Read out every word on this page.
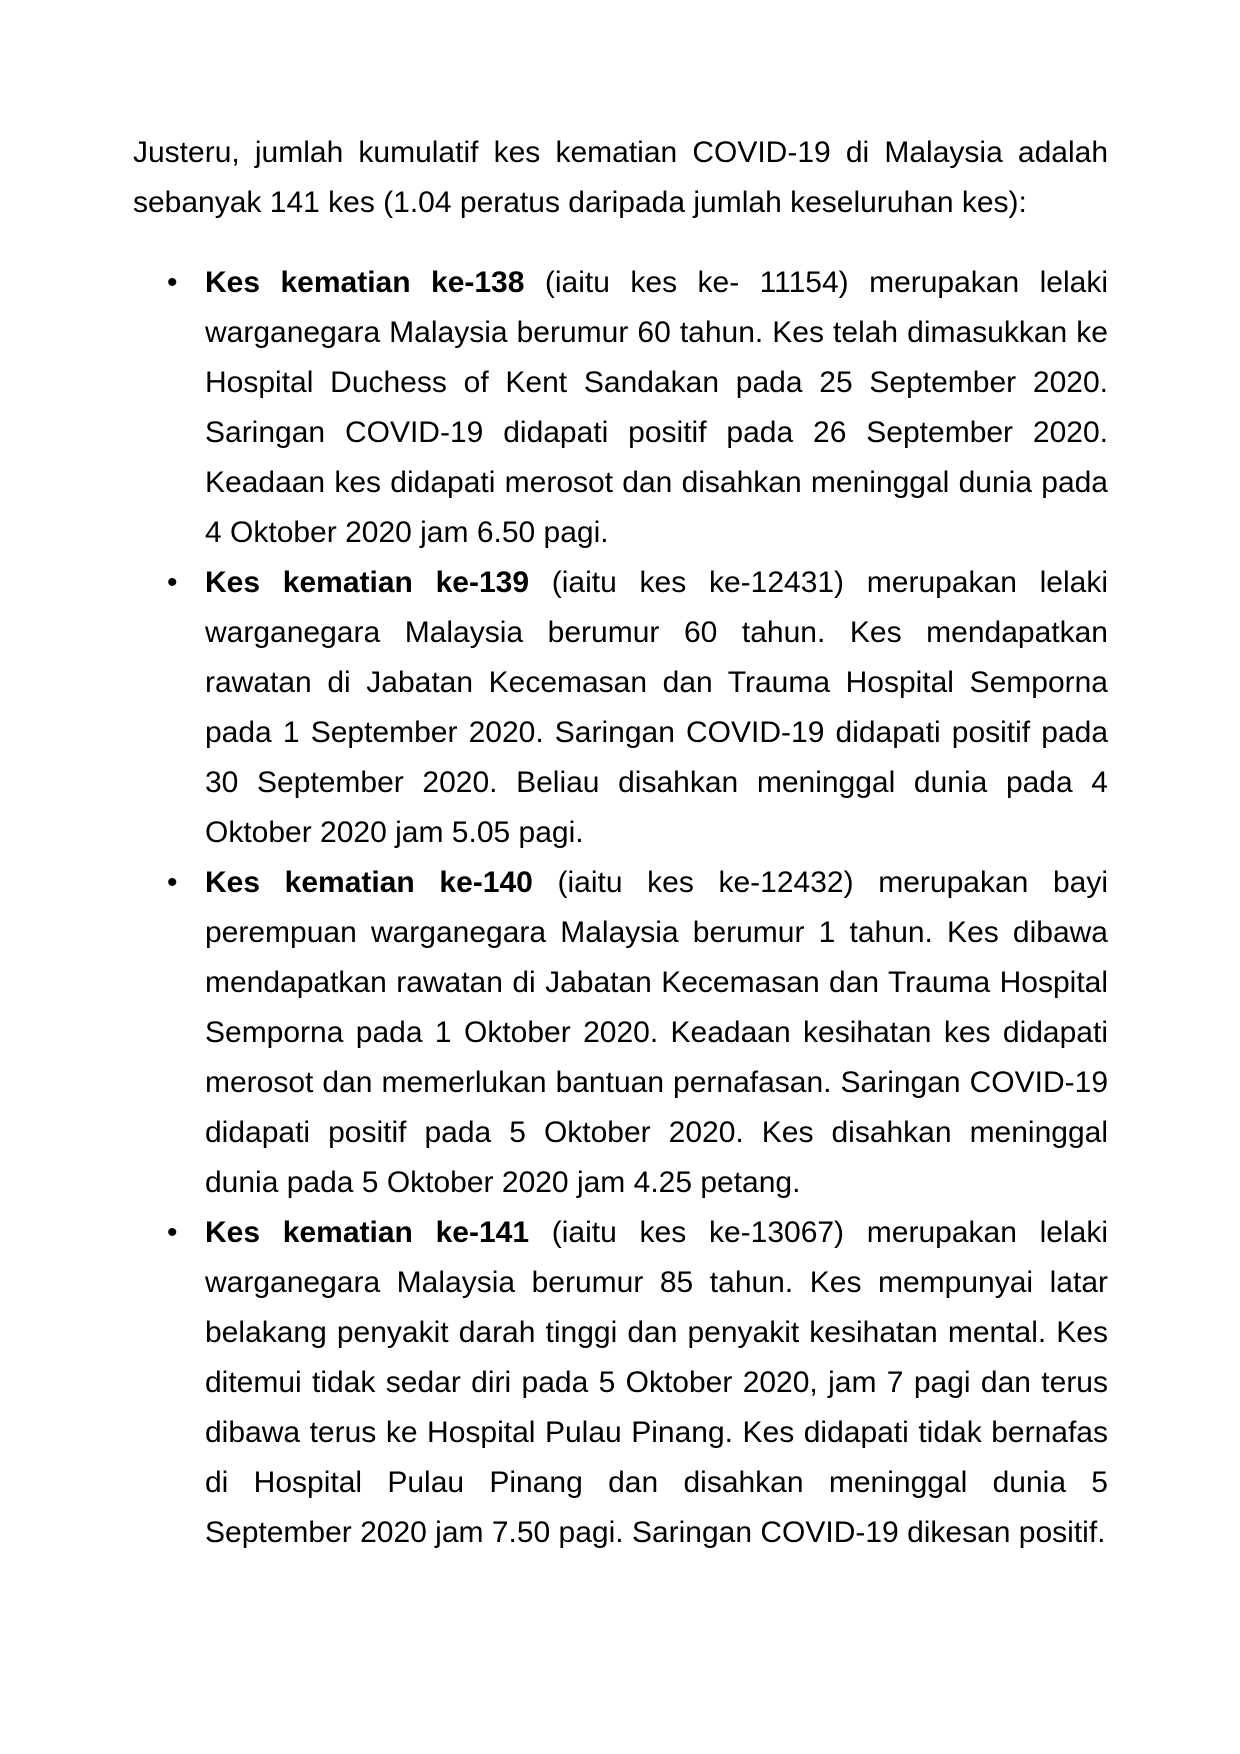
Justeru, jumlah kumulatif kes kematian COVID-19 di Malaysia adalah sebanyak 141 kes (1.04 peratus daripada jumlah keseluruhan kes):

• Kes kematian ke-138 (iaitu kes ke- 11154) merupakan lelaki warganegara Malaysia berumur 60 tahun. Kes telah dimasukkan ke Hospital Duchess of Kent Sandakan pada 25 September 2020. Saringan COVID-19 didapati positif pada 26 September 2020. Keadaan kes didapati merosot dan disahkan meninggal dunia pada 4 Oktober 2020 jam 6.50 pagi.
• Kes kematian ke-139 (iaitu kes ke-12431) merupakan lelaki warganegara Malaysia berumur 60 tahun. Kes mendapatkan rawatan di Jabatan Kecemasan dan Trauma Hospital Semporna pada 1 September 2020. Saringan COVID-19 didapati positif pada 30 September 2020. Beliau disahkan meninggal dunia pada 4 Oktober 2020 jam 5.05 pagi.
• Kes kematian ke-140 (iaitu kes ke-12432) merupakan bayi perempuan warganegara Malaysia berumur 1 tahun. Kes dibawa mendapatkan rawatan di Jabatan Kecemasan dan Trauma Hospital Semporna pada 1 Oktober 2020. Keadaan kesihatan kes didapati merosot dan memerlukan bantuan pernafasan. Saringan COVID-19 didapati positif pada 5 Oktober 2020. Kes disahkan meninggal dunia pada 5 Oktober 2020 jam 4.25 petang.
• Kes kematian ke-141 (iaitu kes ke-13067) merupakan lelaki warganegara Malaysia berumur 85 tahun. Kes mempunyai latar belakang penyakit darah tinggi dan penyakit kesihatan mental. Kes ditemui tidak sedar diri pada 5 Oktober 2020, jam 7 pagi dan terus dibawa terus ke Hospital Pulau Pinang. Kes didapati tidak bernafas di Hospital Pulau Pinang dan disahkan meninggal dunia 5 September 2020 jam 7.50 pagi. Saringan COVID-19 dikesan positif.
